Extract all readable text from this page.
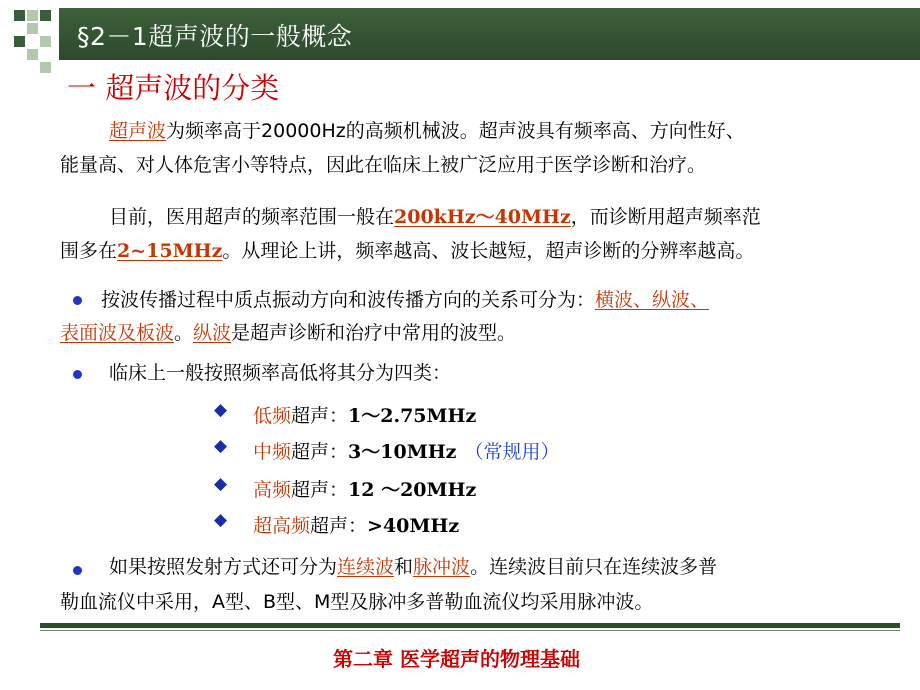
§2－1超声波的一般概念
一 超声波的分类
超声波为频率高于20000Hz的高频机械波。超声波具有频率高、方向性好、
能量高、对人体危害小等特点，因此在临床上被广泛应用于医学诊断和治疗。
目前，医用超声的频率范围一般在200kHz～40MHz，而诊断用超声频率范
围多在2~15MHz。从理论上讲，频率越高、波长越短，超声诊断的分辨率越高。
按波传播过程中质点振动方向和波传播方向的关系可分为：横波、纵波、
表面波及板波。纵波是超声诊断和治疗中常用的波型。
临床上一般按照频率高低将其分为四类：
◆ 低频超声：1～2.75MHz
◆ 中频超声：3～10MHz （常规用）
◆ 高频超声：12 ～20MHz
◆ 超高频超声：>40MHz
如果按照发射方式还可分为连续波和脉冲波。连续波目前只在连续波多普
勒血流仪中采用，A型、B型、M型及脉冲多普勒血流仪均采用脉冲波。
第二章 医学超声的物理基础
